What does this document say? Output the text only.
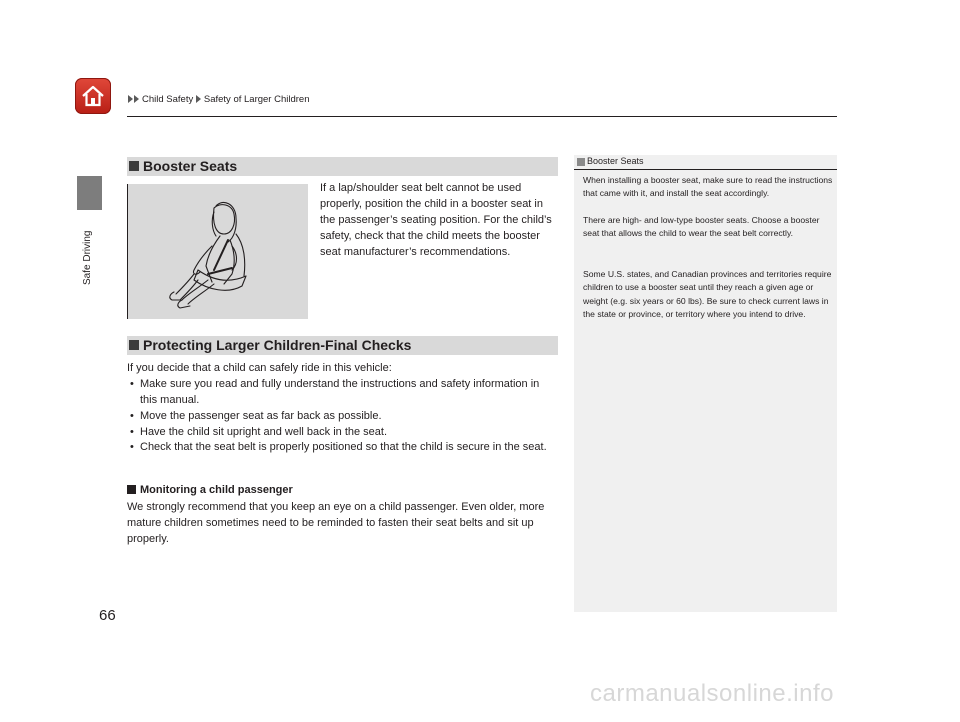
Child Safety Safety of Larger Children
Safe Driving
Booster Seats
If a lap/shoulder seat belt cannot be used properly, position the child in a booster seat in the passenger’s seating position. For the child’s safety, check that the child meets the booster seat manufacturer’s recommendations.
Protecting Larger Children-Final Checks
If you decide that a child can safely ride in this vehicle:
• Make sure you read and fully understand the instructions and safety information in this manual.
• Move the passenger seat as far back as possible.
• Have the child sit upright and well back in the seat.
• Check that the seat belt is properly positioned so that the child is secure in the seat.
Monitoring a child passenger
We strongly recommend that you keep an eye on a child passenger. Even older, more mature children sometimes need to be reminded to fasten their seat belts and sit up properly.
Booster Seats
When installing a booster seat, make sure to read the instructions that came with it, and install the seat accordingly.
There are high- and low-type booster seats. Choose a booster seat that allows the child to wear the seat belt correctly.
Some U.S. states, and Canadian provinces and territories require children to use a booster seat until they reach a given age or weight (e.g. six years or 60 lbs). Be sure to check current laws in the state or province, or territory where you intend to drive.
66
carmanualsonline.info
